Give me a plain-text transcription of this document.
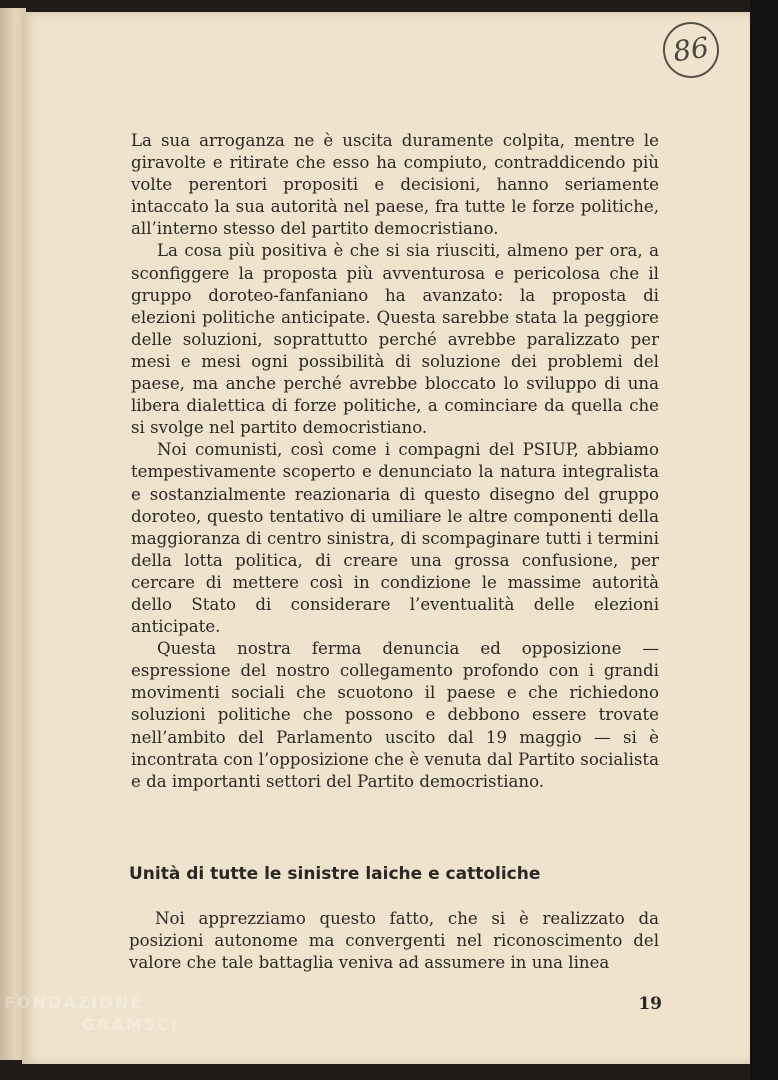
86

La sua arroganza ne è uscita duramente colpita, mentre le giravolte e ritirate che esso ha compiuto, contraddicendo più volte perentori propositi e decisioni, hanno seriamente intaccato la sua autorità nel paese, fra tutte le forze politiche, all’interno stesso del partito democristiano.

La cosa più positiva è che si sia riusciti, almeno per ora, a sconfiggere la proposta più avventurosa e pericolosa che il gruppo doroteo-fanfaniano ha avanzato: la proposta di elezioni politiche anticipate. Questa sarebbe stata la peggiore delle soluzioni, soprattutto perché avrebbe paralizzato per mesi e mesi ogni possibilità di soluzione dei problemi del paese, ma anche perché avrebbe bloccato lo sviluppo di una libera dialettica di forze politiche, a cominciare da quella che si svolge nel partito democristiano.

Noi comunisti, così come i compagni del PSIUP, abbiamo tempestivamente scoperto e denunciato la natura integralista e sostanzialmente reazionaria di questo disegno del gruppo doroteo, questo tentativo di umiliare le altre componenti della maggioranza di centro sinistra, di scompaginare tutti i termini della lotta politica, di creare una grossa confusione, per cercare di mettere così in condizione le massime autorità dello Stato di considerare l’eventualità delle elezioni anticipate.

Questa nostra ferma denuncia ed opposizione — espressione del nostro collegamento profondo con i grandi movimenti sociali che scuotono il paese e che richiedono soluzioni politiche che possono e debbono essere trovate nell’ambito del Parlamento uscito dal 19 maggio — si è incontrata con l’opposizione che è venuta dal Partito socialista e da importanti settori del Partito democristiano.

Unità di tutte le sinistre laiche e cattoliche

Noi apprezziamo questo fatto, che si è realizzato da posizioni autonome ma convergenti nel riconoscimento del valore che tale battaglia veniva ad assumere in una linea

19
FONDAZIONE
GRAMSCI
